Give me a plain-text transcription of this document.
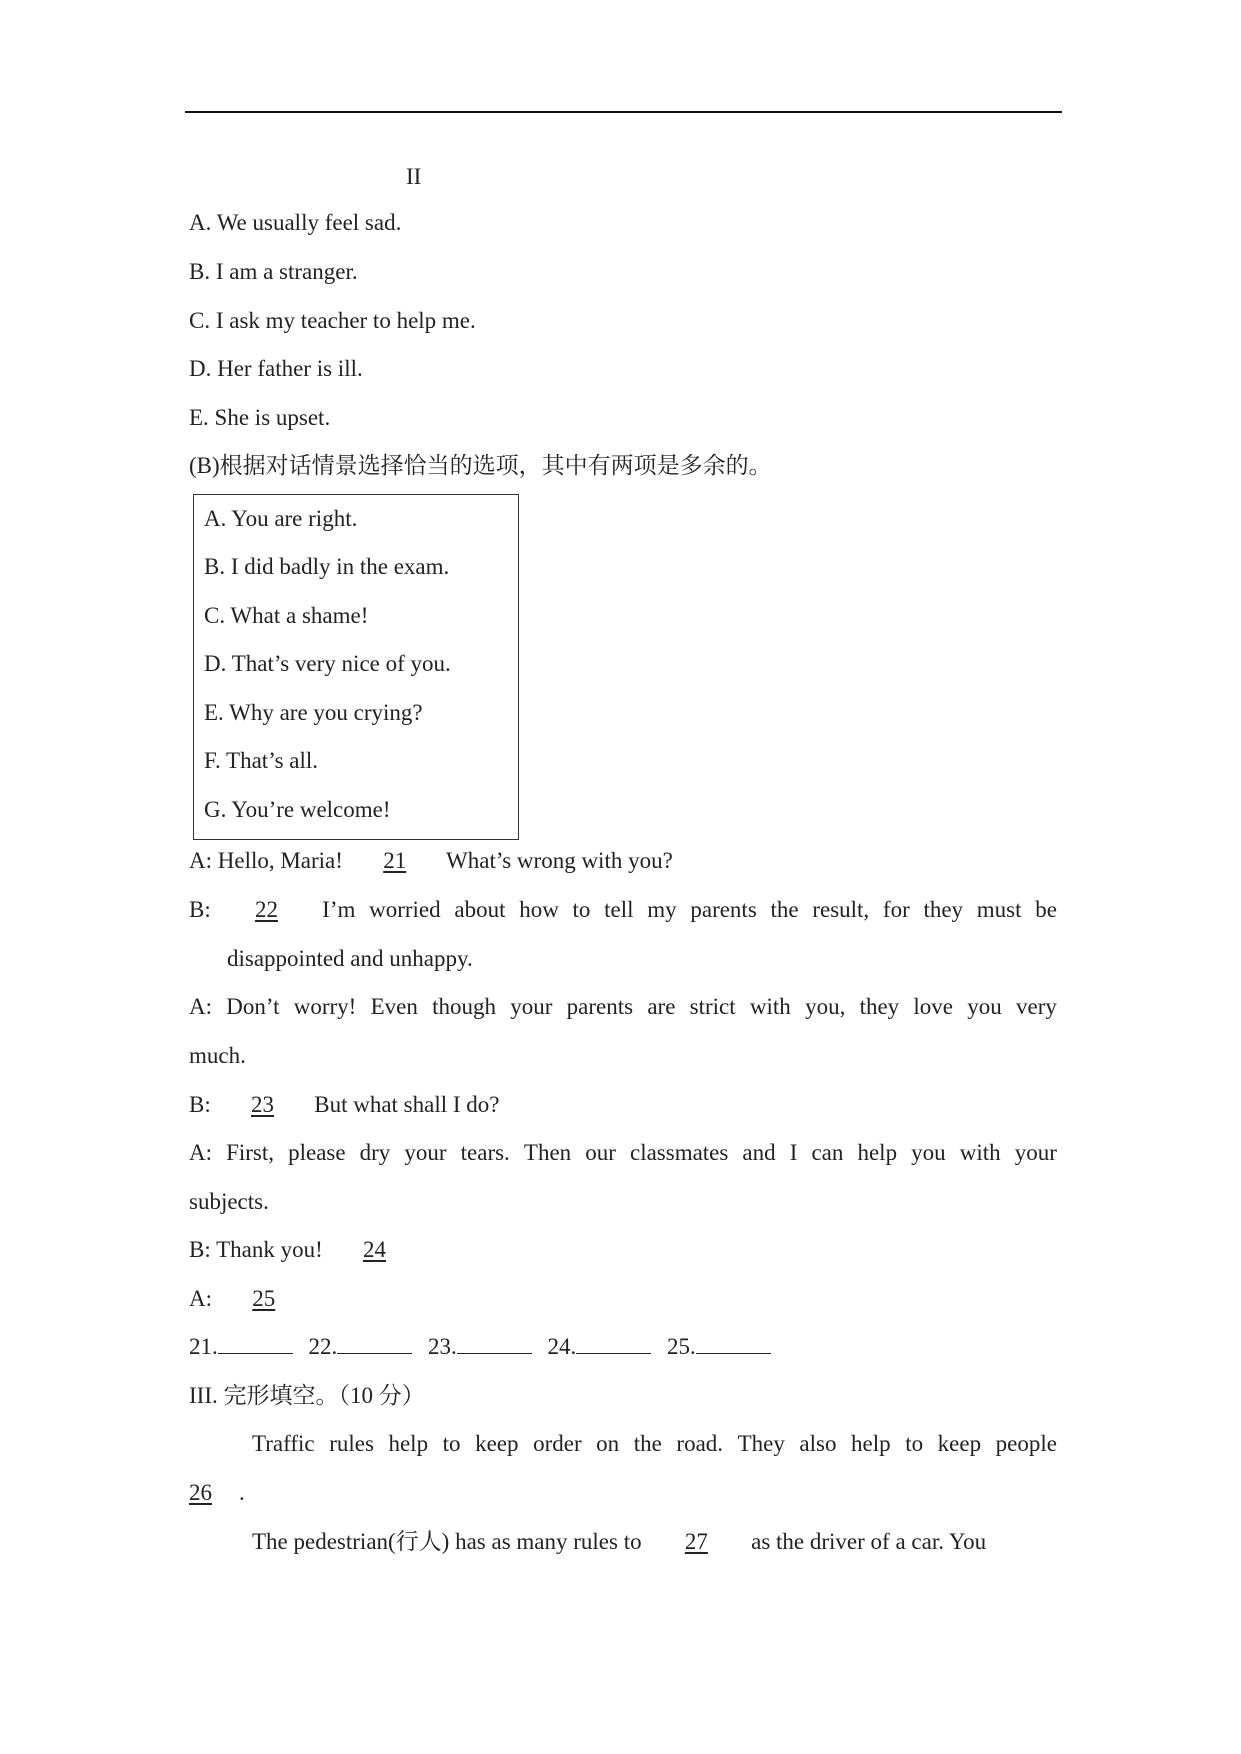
II
A. We usually feel sad.
B. I am a stranger.
C. I ask my teacher to help me.
D. Her father is ill.
E. She is upset.
(B)根据对话情景选择恰当的选项，其中有两项是多余的。
A. You are right.
B. I did badly in the exam.
C. What a shame!
D. That’s very nice of you.
E. Why are you crying?
F. That’s all.
G. You’re welcome!
A: Hello, Maria! 21 What’s wrong with you?
B:	22	I’m worried about how to tell my parents the result, for they must be
disappointed and unhappy.
A: Don’t worry! Even though your parents are strict with you, they love you very
much.
B: 23 But what shall I do?
A: First, please dry your tears. Then our classmates and I can help you with your
subjects.
B: Thank you! 24
A: 25
21.	22.	23.	24.	25.
III. 完形填空。（10 分）
Traffic rules help to keep order on the road. They also help to keep people
26 .
The pedestrian(行人) has as many rules to 27 as the driver of a car. You
